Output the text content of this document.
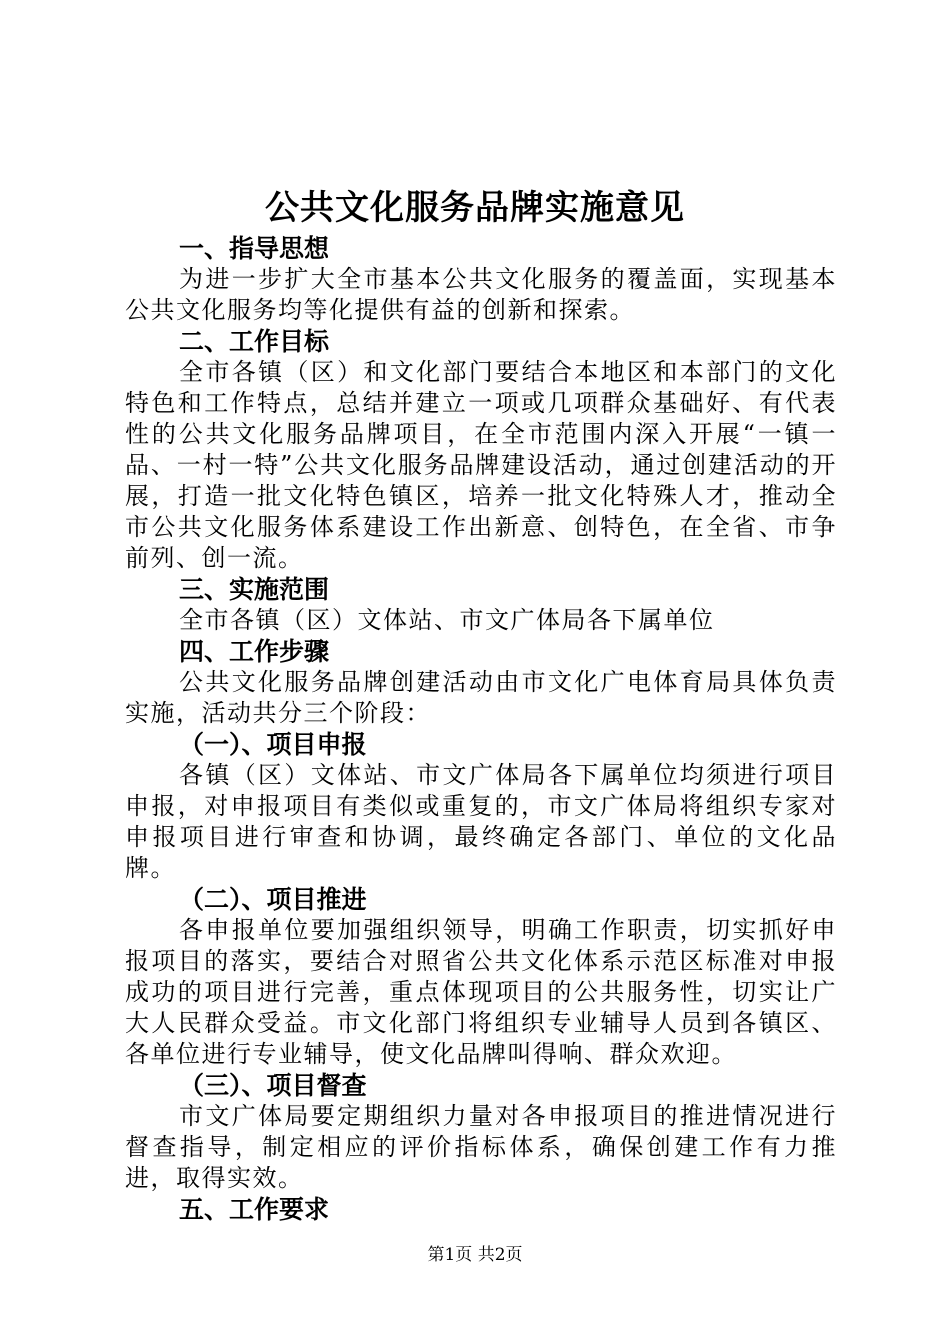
公共文化服务品牌实施意见

一、指导思想

为进一步扩大全市基本公共文化服务的覆盖面，实现基本公共文化服务均等化提供有益的创新和探索。

二、工作目标

全市各镇（区）和文化部门要结合本地区和本部门的文化特色和工作特点，总结并建立一项或几项群众基础好、有代表性的公共文化服务品牌项目，在全市范围内深入开展“一镇一品、一村一特”公共文化服务品牌建设活动，通过创建活动的开展，打造一批文化特色镇区，培养一批文化特殊人才，推动全市公共文化服务体系建设工作出新意、创特色，在全省、市争前列、创一流。

三、实施范围

全市各镇（区）文体站、市文广体局各下属单位

四、工作步骤

公共文化服务品牌创建活动由市文化广电体育局具体负责实施，活动共分三个阶段：

（一）、项目申报

各镇（区）文体站、市文广体局各下属单位均须进行项目申报，对申报项目有类似或重复的，市文广体局将组织专家对申报项目进行审查和协调，最终确定各部门、单位的文化品牌。

（二）、项目推进

各申报单位要加强组织领导，明确工作职责，切实抓好申报项目的落实，要结合对照省公共文化体系示范区标准对申报成功的项目进行完善，重点体现项目的公共服务性，切实让广大人民群众受益。市文化部门将组织专业辅导人员到各镇区、各单位进行专业辅导，使文化品牌叫得响、群众欢迎。

（三）、项目督查

市文广体局要定期组织力量对各申报项目的推进情况进行督查指导，制定相应的评价指标体系，确保创建工作有力推进，取得实效。

五、工作要求

第1页 共2页
